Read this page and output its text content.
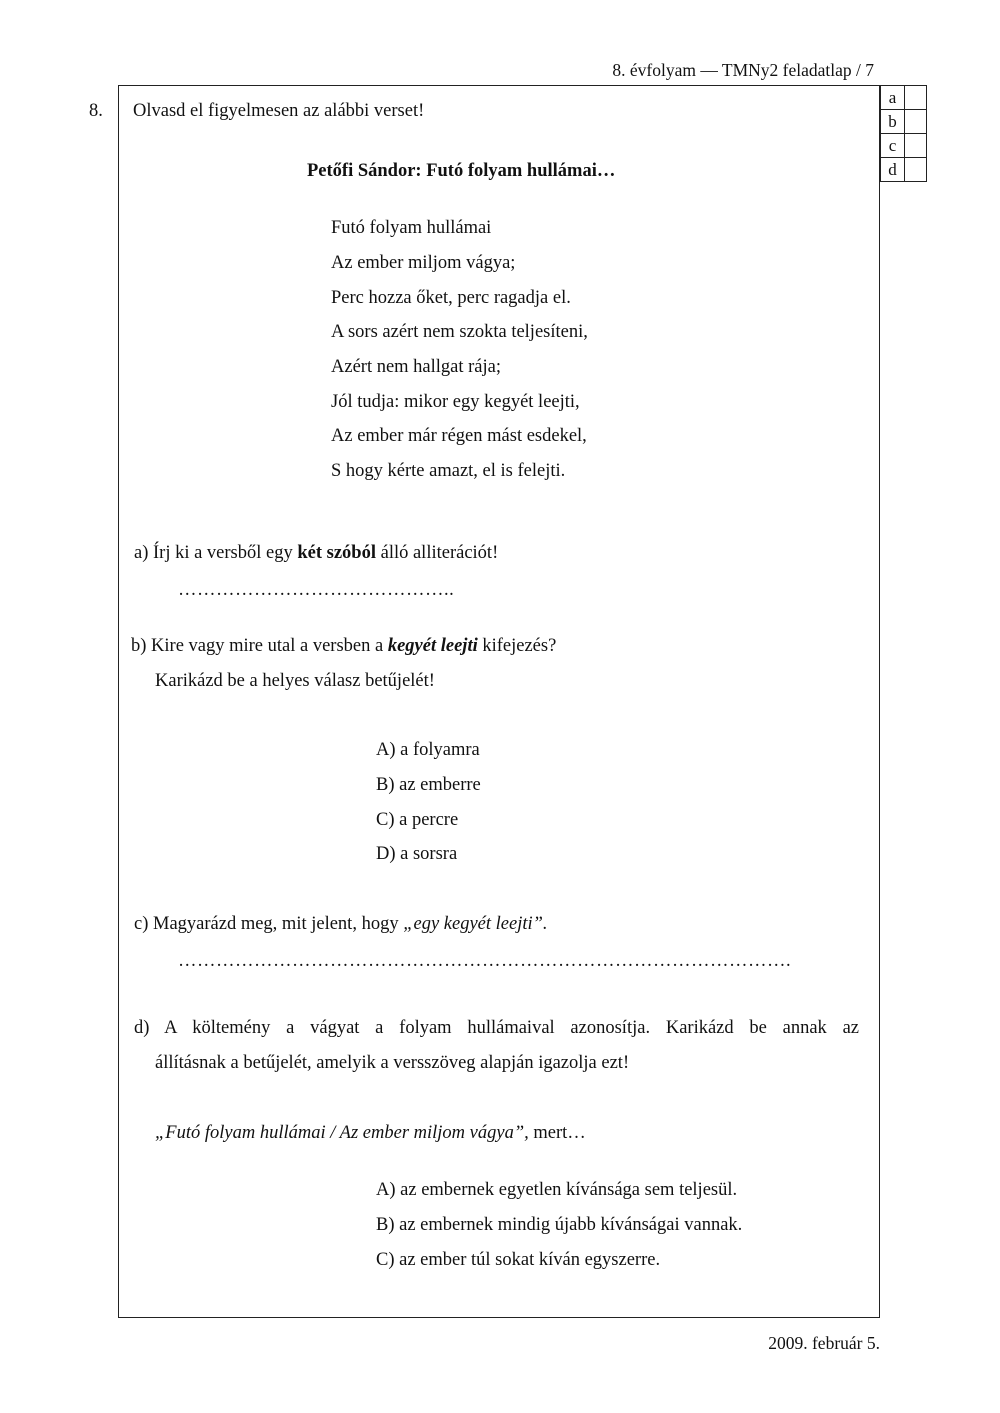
8. évfolyam — TMNy2 feladatlap / 7
a	
b	
c	
d	
8. Olvasd el figyelmesen az alábbi verset!
Petőfi Sándor: Futó folyam hullámai…
Futó folyam hullámai
Az ember miljom vágya;
Perc hozza őket, perc ragadja el.
A sors azért nem szokta teljesíteni,
Azért nem hallgat rája;
Jól tudja: mikor egy kegyét leejti,
Az ember már régen mást esdekel,
S hogy kérte amazt, el is felejti.
a) Írj ki a versből egy két szóból álló alliterációt!
……………………………………..
b) Kire vagy mire utal a versben a kegyét leejti kifejezés?
Karikázd be a helyes válasz betűjelét!
A) a folyamra
B) az emberre
C) a percre
D) a sorsra
c) Magyarázd meg, mit jelent, hogy „egy kegyét leejti”.
…………………………………………………………………………………….
d) A költemény a vágyat a folyam hullámaival azonosítja. Karikázd be annak az
állításnak a betűjelét, amelyik a versszöveg alapján igazolja ezt!
„Futó folyam hullámai / Az ember miljom vágya”, mert…
A) az embernek egyetlen kívánsága sem teljesül.
B) az embernek mindig újabb kívánságai vannak.
C) az ember túl sokat kíván egyszerre.
2009. február 5.
